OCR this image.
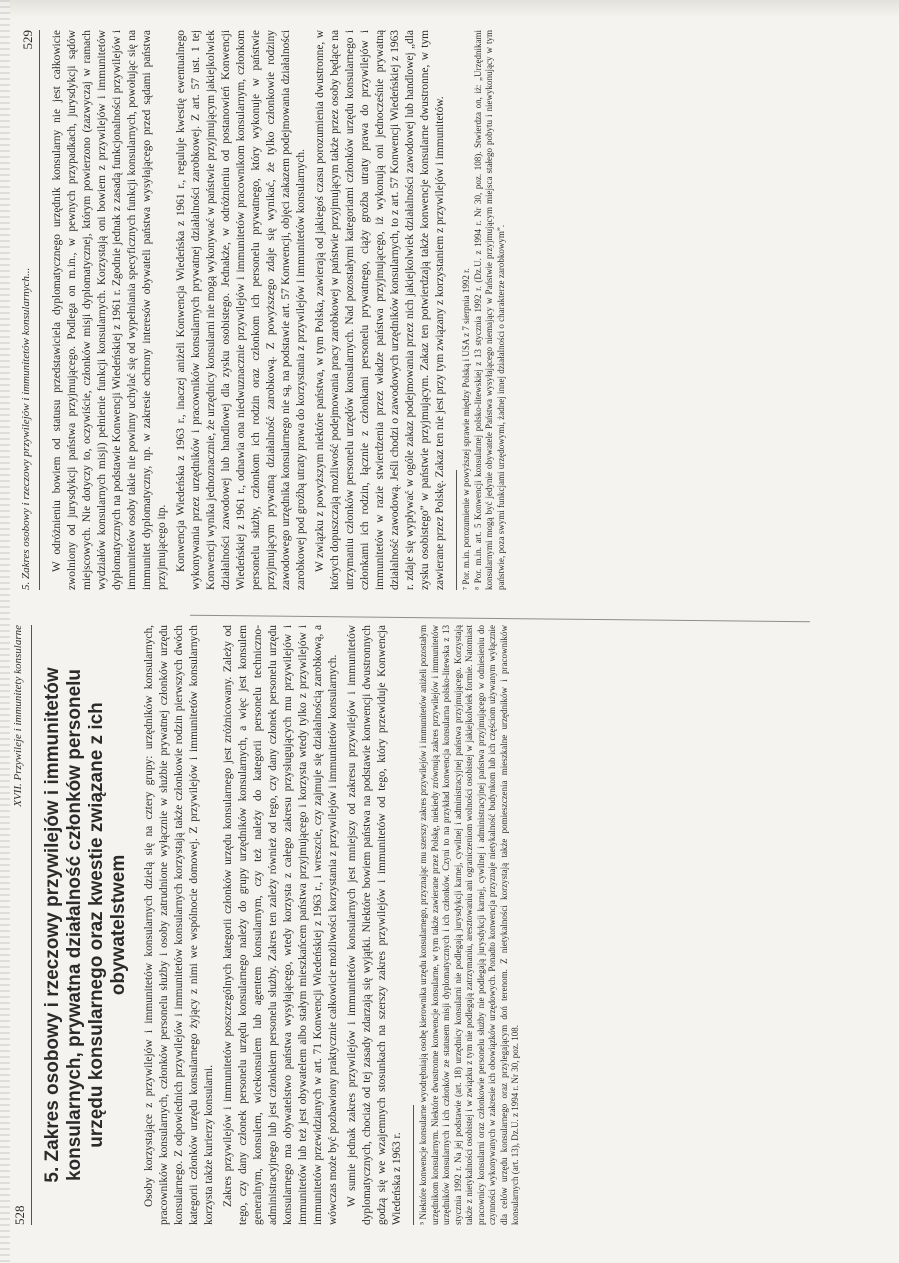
5. Zakres osobowy i rzeczowy przywilejów i immunitetów konsularnych...
529 W odróżnieniu bowiem od statusu przedstawiciela dyplomatycznego urzędnik konsularny nie jest całkowicie zwolniony od jurysdykcji państwa przyjmującego. Podlega on m.in., w pewnych przypadkach, jurysdykcji sądów miejscowych. Nie dotyczy to, oczywiście, członków misji dyplomatycznej, którym powierzono (zazwyczaj w ramach wydziałów konsularnych misji) pełnienie funkcji konsularnych. Korzystają oni bowiem z przywilejów i immunitetów dyplomatycznych na podstawie Konwencji Wiedeńskiej z 1961 r. Zgodnie jednak z zasadą funkcjonalności przywilejów i immunitetów osoby takie nie powinny uchylać się od wypełniania specyficznych funkcji konsularnych, powołując się na immunitet dyplomatyczny, np. w zakresie ochrony interesów obywateli państwa wysyłającego przed sądami państwa przyjmującego itp. Konwencja Wiedeńska z 1963 r., inaczej aniżeli Konwencja Wiedeńska z 1961 r., reguluje kwestię ewentualnego wykonywania przez urzędników i pracowników konsularnych prywatnej działalności zarobkowej. Z art. 57 ust. 1 tej Konwencji wynika jednoznacznie, że urzędnicy konsularni nie mogą wykonywać w państwie przyjmującym jakiejkolwiek działalności zawodowej lub handlowej dla zysku osobistego. Jednakże, w odróżnieniu od postanowień Konwencji Wiedeńskiej z 1961 r., odnawia ona niedwuznacznie przywilejów i immunitetów pracownikom konsularnym, członkom personelu służby, członkom ich rodzin oraz członkom ich personelu prywatnego, który wykonuje w państwie przyjmującym prywatną działalność zarobkową. Z powyższego zdaje się wynikać, że tylko członkowie rodziny zawodowego urzędnika konsularnego nie są, na podstawie art. 57 Konwencji, objęci zakazem podejmowania działalności zarobkowej pod groźbą utraty prawa do korzystania z przywilejów i immunitetów konsularnych. W związku z powyższym niektóre państwa, w tym Polska, zawierają od jakiegoś czasu porozumienia dwustronne, w których dopuszczają możliwość podejmowania pracy zarobkowej w państwie przyjmującym także przez osoby będące na utrzymaniu członków personelu urzędów konsularnych. Nad pozostałymi kategoriami członków urzędu konsularnego i członkami ich rodzin, łącznie z członkami personelu prywatnego, ciąży groźba utraty prawa do przywilejów i immunitetów w razie stwierdzenia przez władze państwa przyjmującego, iż wykonują oni jednocześnie prywatną działalność zawodową. Jeśli chodzi o zawodowych urzędników konsularnych, to z art. 57 Konwencji Wiedeńskiej z 1963 r. zdaje się wypływać w ogóle zakaz podejmowania przez nich jakiejkolwiek działalności zawodowej lub handlowej „dla zysku osobistego” w państwie przyjmującym. Zakaz ten potwierdzają także konwencje konsularne dwustronne, w tym zawierane przez Polskę. Zakaz ten nie jest przy tym związany z korzystaniem z przywilejów i immunitetów. ⁷ Por. m.in. porozumienie w powyższej sprawie między Polską i USA z 7 sierpnia 1992 r. ⁸ Por. m.in. art. 5 Konwencji konsularnej polsko-litewskiej z 13 stycznia 1992 r. (Dz.U. z 1994 r. Nr 30, poz. 108). Stwierdza on, iż: „Urzędnikami konsularnymi mogą być jedynie obywatele Państwa wysyłającego niemający w Państwie przyjmującym miejsca stałego pobytu i niewykonujący w tym państwie, poza swymi funkcjami urzędowymi, żadnej innej działalności o charakterze zarobkowym”.

528
XVII. Przywileje i immunitety konsularne 5. Zakres osobowy i rzeczowy przywilejów i immunitetów konsularnych, prywatna działalność członków personelu urzędu konsularnego oraz kwestie związane z ich obywatelstwem Osoby korzystające z przywilejów i immunitetów konsularnych dzielą się na cztery grupy: urzędników konsularnych, pracowników konsularnych, członków personelu służby i osoby zatrudnione wyłącznie w służbie prywatnej członków urzędu konsularnego. Z odpowiednich przywilejów i immunitetów konsularnych korzystają także członkowie rodzin pierwszych dwóch kategorii członków urzędu konsularnego żyjący z nimi we wspólnocie domowej. Z przywilejów i immunitetów konsularnych korzysta także kurierzy konsularni. Zakres przywilejów i immunitetów poszczególnych kategorii członków urzędu konsularnego jest zróżnicowany. Zależy od tego, czy dany członek personelu urzędu konsularnego należy do grupy urzędników konsularnych, a więc jest konsulem generalnym, konsulem, wicekonsulem lub agentem konsularnym, czy też należy do kategorii personelu techniczno-administracyjnego lub jest członkiem personelu służby. Zakres ten zależy również od tego, czy dany członek personelu urzędu konsularnego ma obywatelstwo państwa wysyłającego, wtedy korzysta z całego zakresu przysługujących mu przywilejów i immunitetów lub też jest obywatelem albo stałym mieszkańcem państwa przyjmującego i korzysta wtedy tylko z przywilejów i immunitetów przewidzianych w art. 71 Konwencji Wiedeńskiej z 1963 r., i wreszcie, czy zajmuje się działalnością zarobkową, a wówczas może być pozbawiony praktycznie całkowicie możliwości korzystania z przywilejów i immunitetów konsularnych. W sumie jednak zakres przywilejów i immunitetów konsularnych jest mniejszy od zakresu przywilejów i immunitetów dyplomatycznych, chociaż od tej zasady zdarzają się wyjątki. Niektóre bowiem państwa na podstawie konwencji dwustronnych godzą się we wzajemnych stosunkach na szerszy zakres przywilejów i immunitetów od tego, który przewiduje Konwencja Wiedeńska z 1963 r. ⁵ Niektóre konwencje konsularne wyodrębniają osobę kierownika urzędu konsularnego, przyznając mu szerszy zakres przywilejów i immunitetów aniżeli pozostałym urzędnikom konsularnym. Niektóre dwustronne konwencje konsularne, w tym także zawierane przez Polskę, niekiedy zrównują zakres przywilejów i immunitetów urzędników konsularnych i ich członków ze statusem misji dyplomatycznych i ich członków. Czyni to na przykład konwencja konsularna polsko-litewska z 13 stycznia 1992 r. Na jej podstawie (art. 18) urzędnicy konsularni nie podlegają jurysdykcji karnej, cywilnej i administracyjnej państwa przyjmującego. Korzystają także z nietykalności osobistej i w związku z tym nie podlegają zatrzymaniu, aresztowaniu ani ograniczeniom wolności osobistej w jakiejkolwiek formie. Natomiast pracownicy konsularni oraz członkowie personelu służby nie podlegają jurysdykcji karnej, cywilnej i administracyjnej państwa przyjmującego w odniesieniu do czynności wykonywanych w zakresie ich obowiązków urzędowych. Ponadto konwencja przyznaje nietykalność budynkom lub ich częściom używanym wyłącznie dla celów urzędu konsularnego oraz przylegającym doń terenom. Z nietykalności korzystają także pomieszczenia mieszkalne urzędników i pracowników konsularnych (art. 13), Dz.U. z 1994 r. Nr 30, poz. 108.
